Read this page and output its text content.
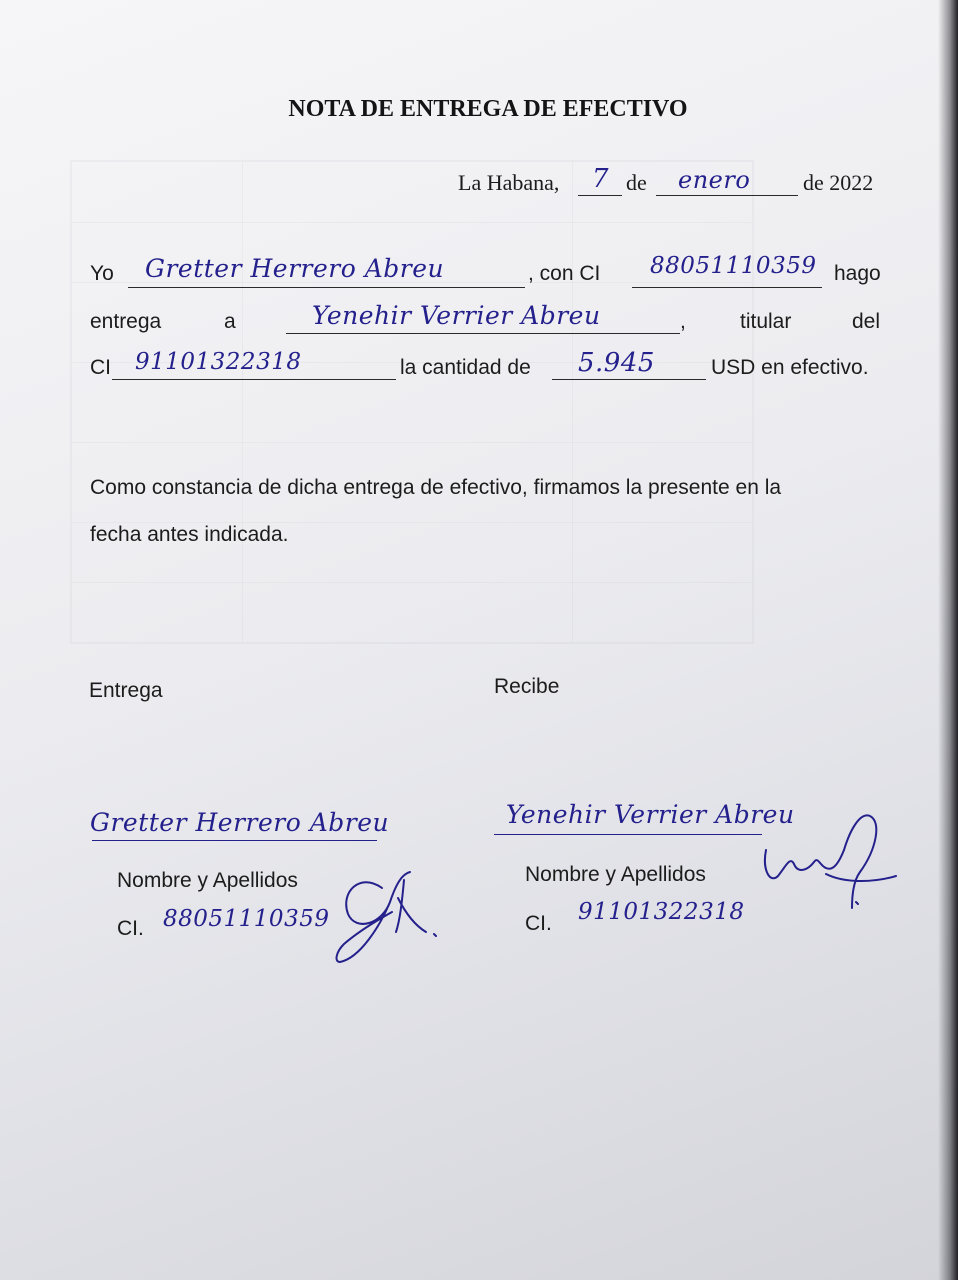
NOTA DE ENTREGA DE EFECTIVO
La Habana, 7 de enero de 2022
Yo Gretter Herrero Abreu	, con CI 88051110359 hago
entrega	a	Yenehir Verrier Abreu	,	titular	del
CI 91101322318	la cantidad de 5.945	USD en efectivo.
Como constancia de dicha entrega de efectivo, firmamos la presente en la
fecha antes indicada.
Entrega
Gretter Herrero Abreu
Nombre y Apellidos
CI. 88051110359
Recibe
Yenehir Verrier Abreu
Nombre y Apellidos
CI. 91101322318
